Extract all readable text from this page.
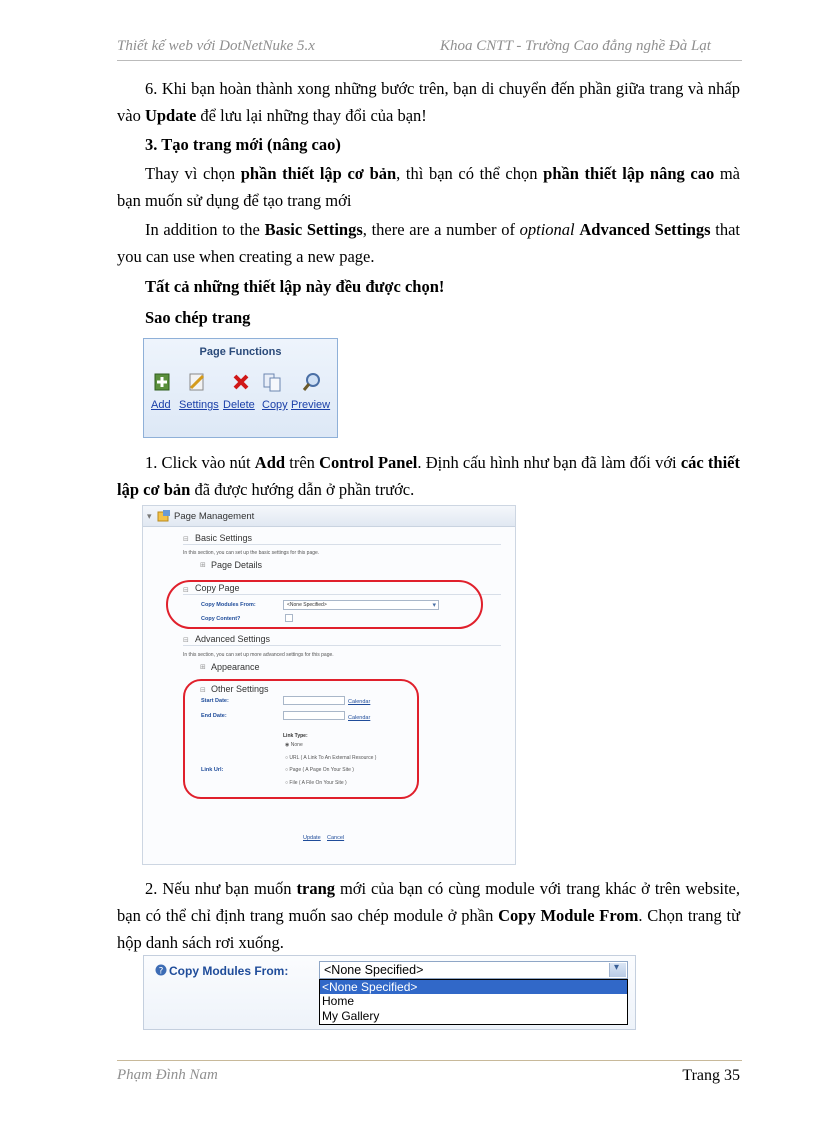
Thiết kế web với DotNetNuke 5.x	Khoa CNTT - Trường Cao đẳng nghề Đà Lạt
6. Khi bạn hoàn thành xong những bước trên, bạn di chuyển đến phần giữa trang và nhấp vào Update để lưu lại những thay đổi của bạn!
3. Tạo trang mới (nâng cao)
Thay vì chọn phần thiết lập cơ bản, thì bạn có thể chọn phần thiết lập nâng cao mà bạn muốn sử dụng để tạo trang mới
In addition to the Basic Settings, there are a number of optional Advanced Settings that you can use when creating a new page.
Tất cả những thiết lập này đều được chọn!
Sao chép trang
Page Functions
Add Settings Delete Copy Preview
1. Click vào nút Add trên Control Panel. Định cấu hình như bạn đã làm đối với các thiết lập cơ bản đã được hướng dẫn ở phần trước.
▾ Page Management
⊟ Basic Settings
In this section, you can set up the basic settings for this page.
⊞ Page Details
⊟ Copy Page
Copy Modules From:	<None Specified>	▾
Copy Content?
⊟ Advanced Settings
In this section, you can set up more advanced settings for this page.
⊞ Appearance
⊟ Other Settings
Start Date:	Calendar
End Date:	Calendar
Link Type:
◉ None
○ URL ( A Link To An External Resource )
Link Url:	○ Page ( A Page On Your Site )
○ File ( A File On Your Site )
Update Cancel
2. Nếu như bạn muốn trang mới của bạn có cùng module với trang khác ở trên website, bạn có thể chỉ định trang muốn sao chép module ở phần Copy Module From. Chọn trang từ hộp danh sách rơi xuống.
? Copy Modules From:	<None Specified>	▾
<None Specified>
Home
My Gallery
Phạm Đình Nam	Trang 35
